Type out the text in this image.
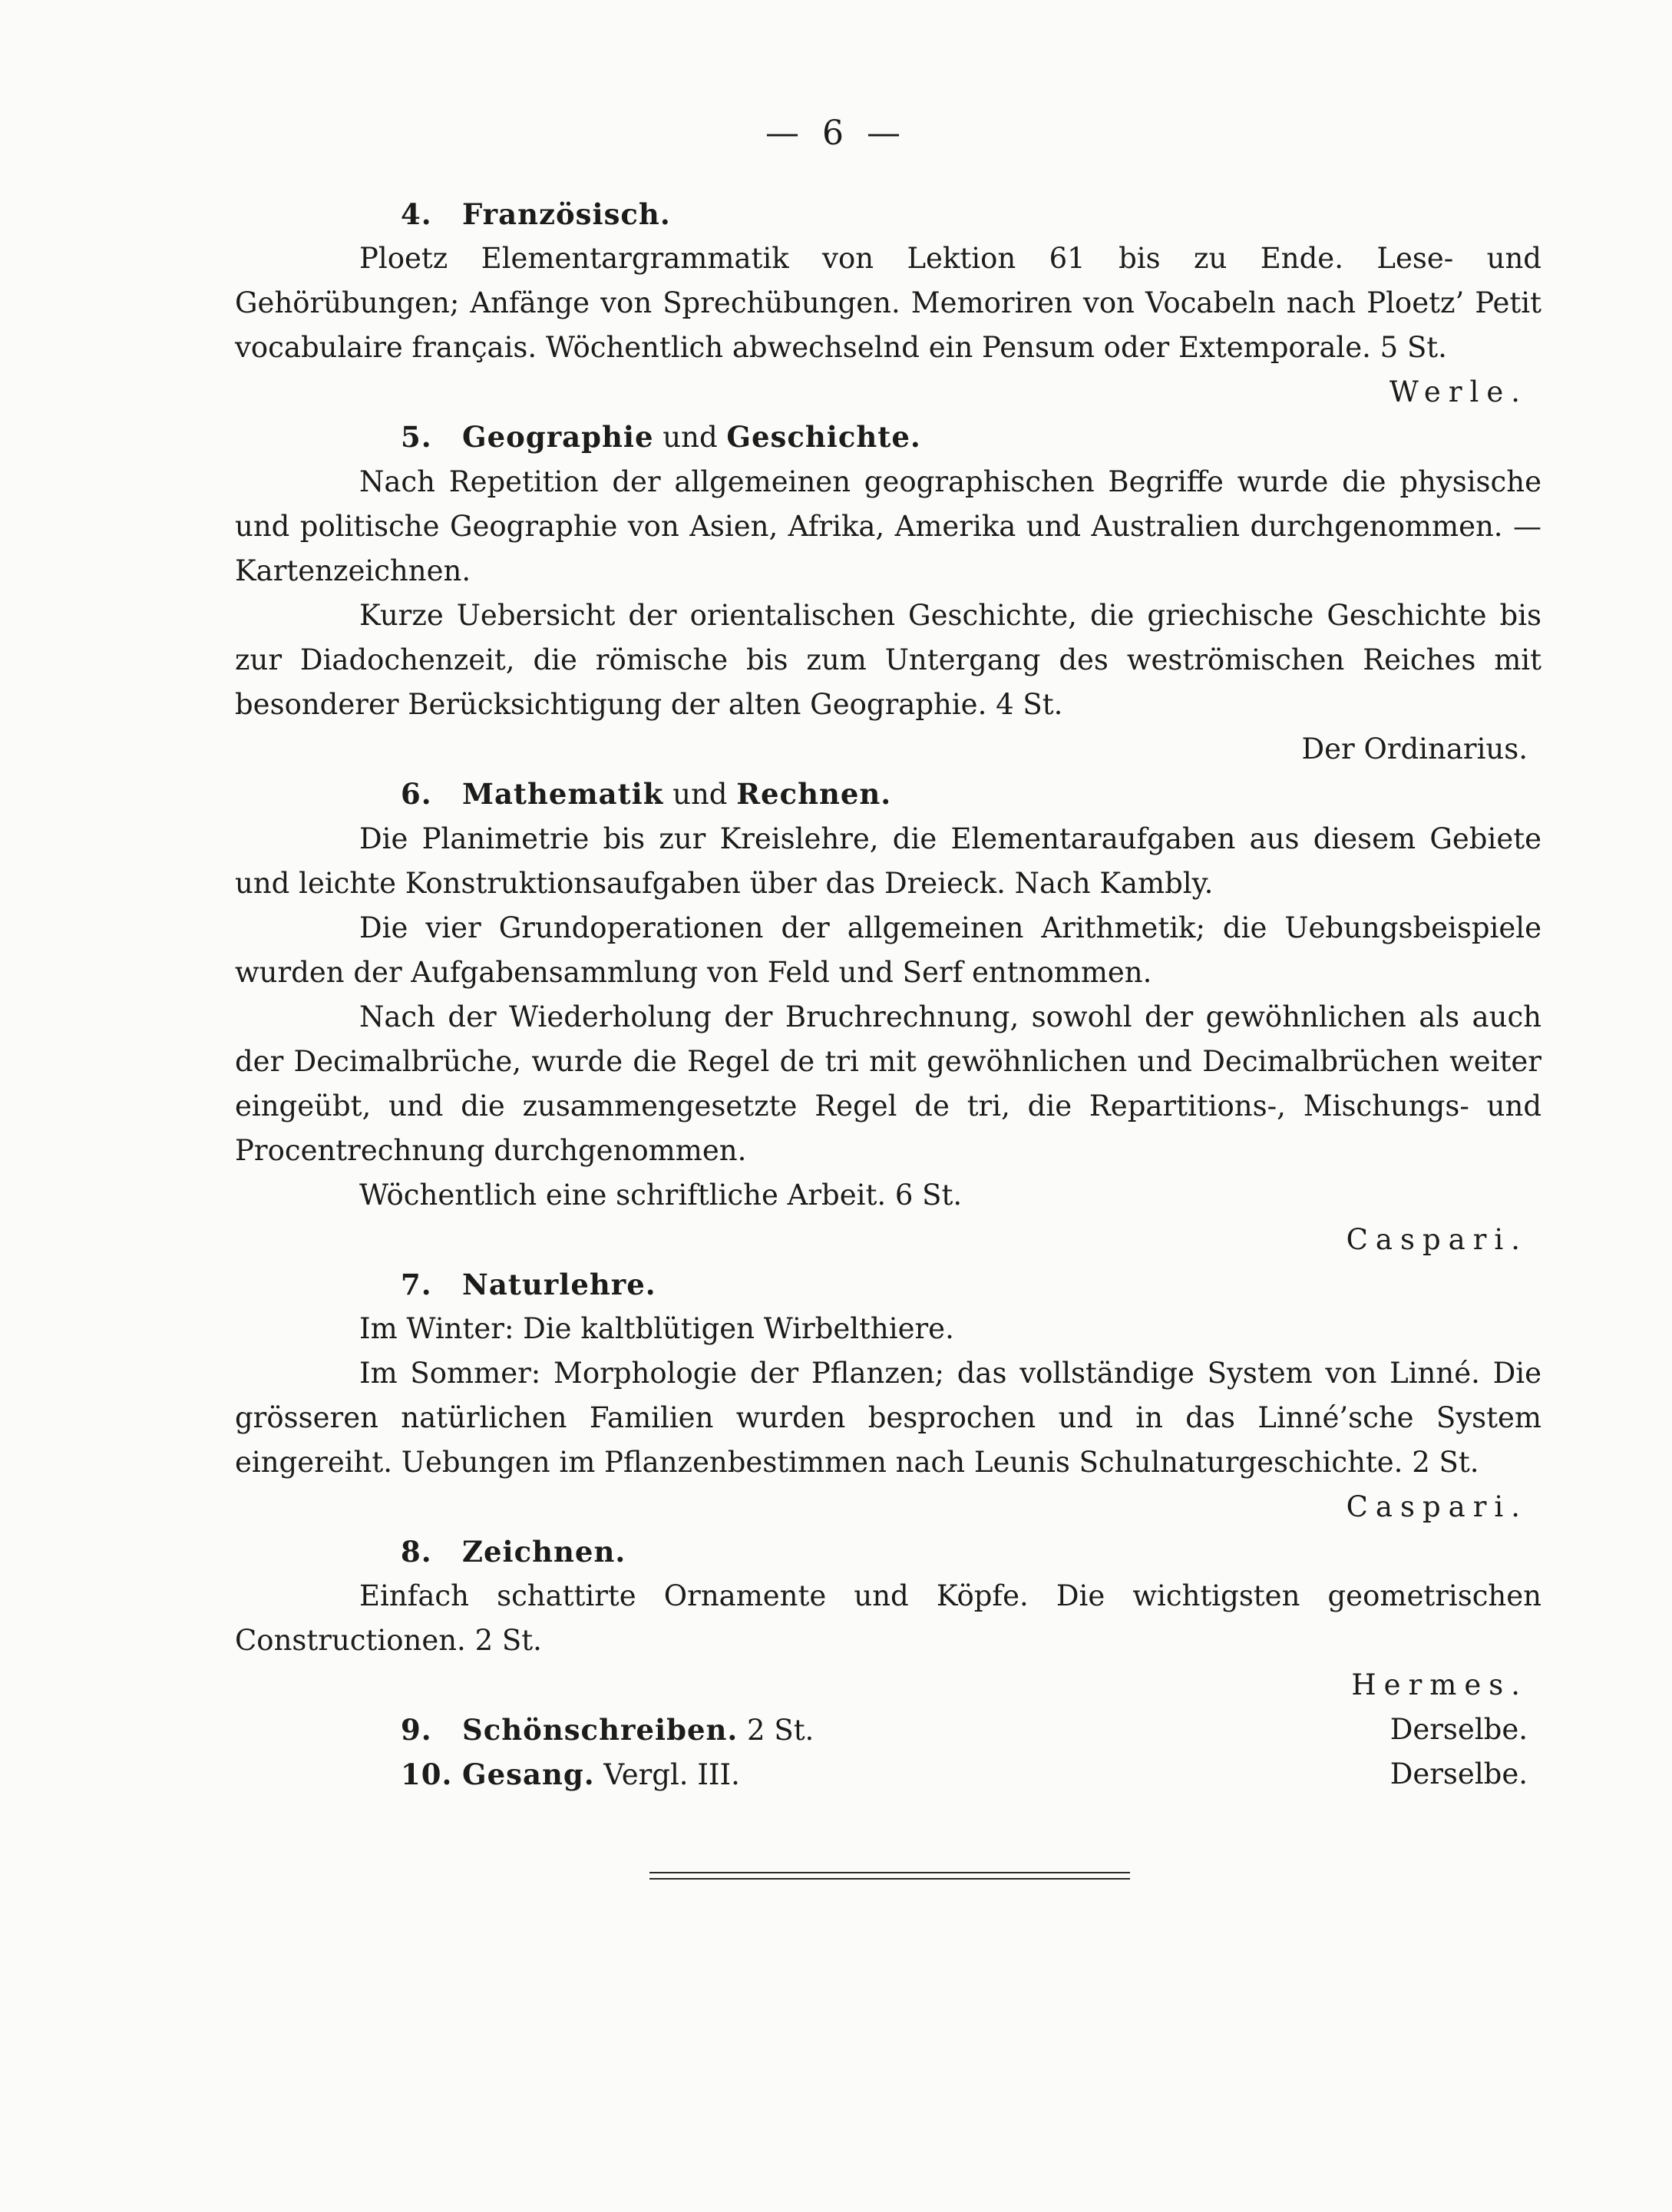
— 6 —
4. Französisch.
Ploetz Elementargrammatik von Lektion 61 bis zu Ende. Lese- und Gehörübungen; Anfänge von Sprechübungen. Memoriren von Vocabeln nach Ploetz’ Petit vocabulaire français. Wöchentlich abwechselnd ein Pensum oder Extemporale. 5 St.
Werle.
5. Geographie und Geschichte.
Nach Repetition der allgemeinen geographischen Begriffe wurde die physische und politische Geographie von Asien, Afrika, Amerika und Australien durchgenommen. — Kartenzeichnen.
Kurze Uebersicht der orientalischen Geschichte, die griechische Geschichte bis zur Diadochenzeit, die römische bis zum Untergang des weströmischen Reiches mit besonderer Berücksichtigung der alten Geographie. 4 St.
Der Ordinarius.
6. Mathematik und Rechnen.
Die Planimetrie bis zur Kreislehre, die Elementaraufgaben aus diesem Gebiete und leichte Konstruktionsaufgaben über das Dreieck. Nach Kambly.
Die vier Grundoperationen der allgemeinen Arithmetik; die Uebungsbeispiele wurden der Aufgabensammlung von Feld und Serf entnommen.
Nach der Wiederholung der Bruchrechnung, sowohl der gewöhnlichen als auch der Decimalbrüche, wurde die Regel de tri mit gewöhnlichen und Decimalbrüchen weiter eingeübt, und die zusammengesetzte Regel de tri, die Repartitions-, Mischungs- und Procentrechnung durchgenommen.
Wöchentlich eine schriftliche Arbeit. 6 St.
Caspari.
7. Naturlehre.
Im Winter: Die kaltblütigen Wirbelthiere.
Im Sommer: Morphologie der Pflanzen; das vollständige System von Linné. Die grösseren natürlichen Familien wurden besprochen und in das Linné’sche System eingereiht. Uebungen im Pflanzenbestimmen nach Leunis Schulnaturgeschichte. 2 St.
Caspari.
8. Zeichnen.
Einfach schattirte Ornamente und Köpfe. Die wichtigsten geometrischen Constructionen. 2 St.
Hermes.
9. Schönschreiben. 2 St.	Derselbe.
10. Gesang. Vergl. III.	Derselbe.
